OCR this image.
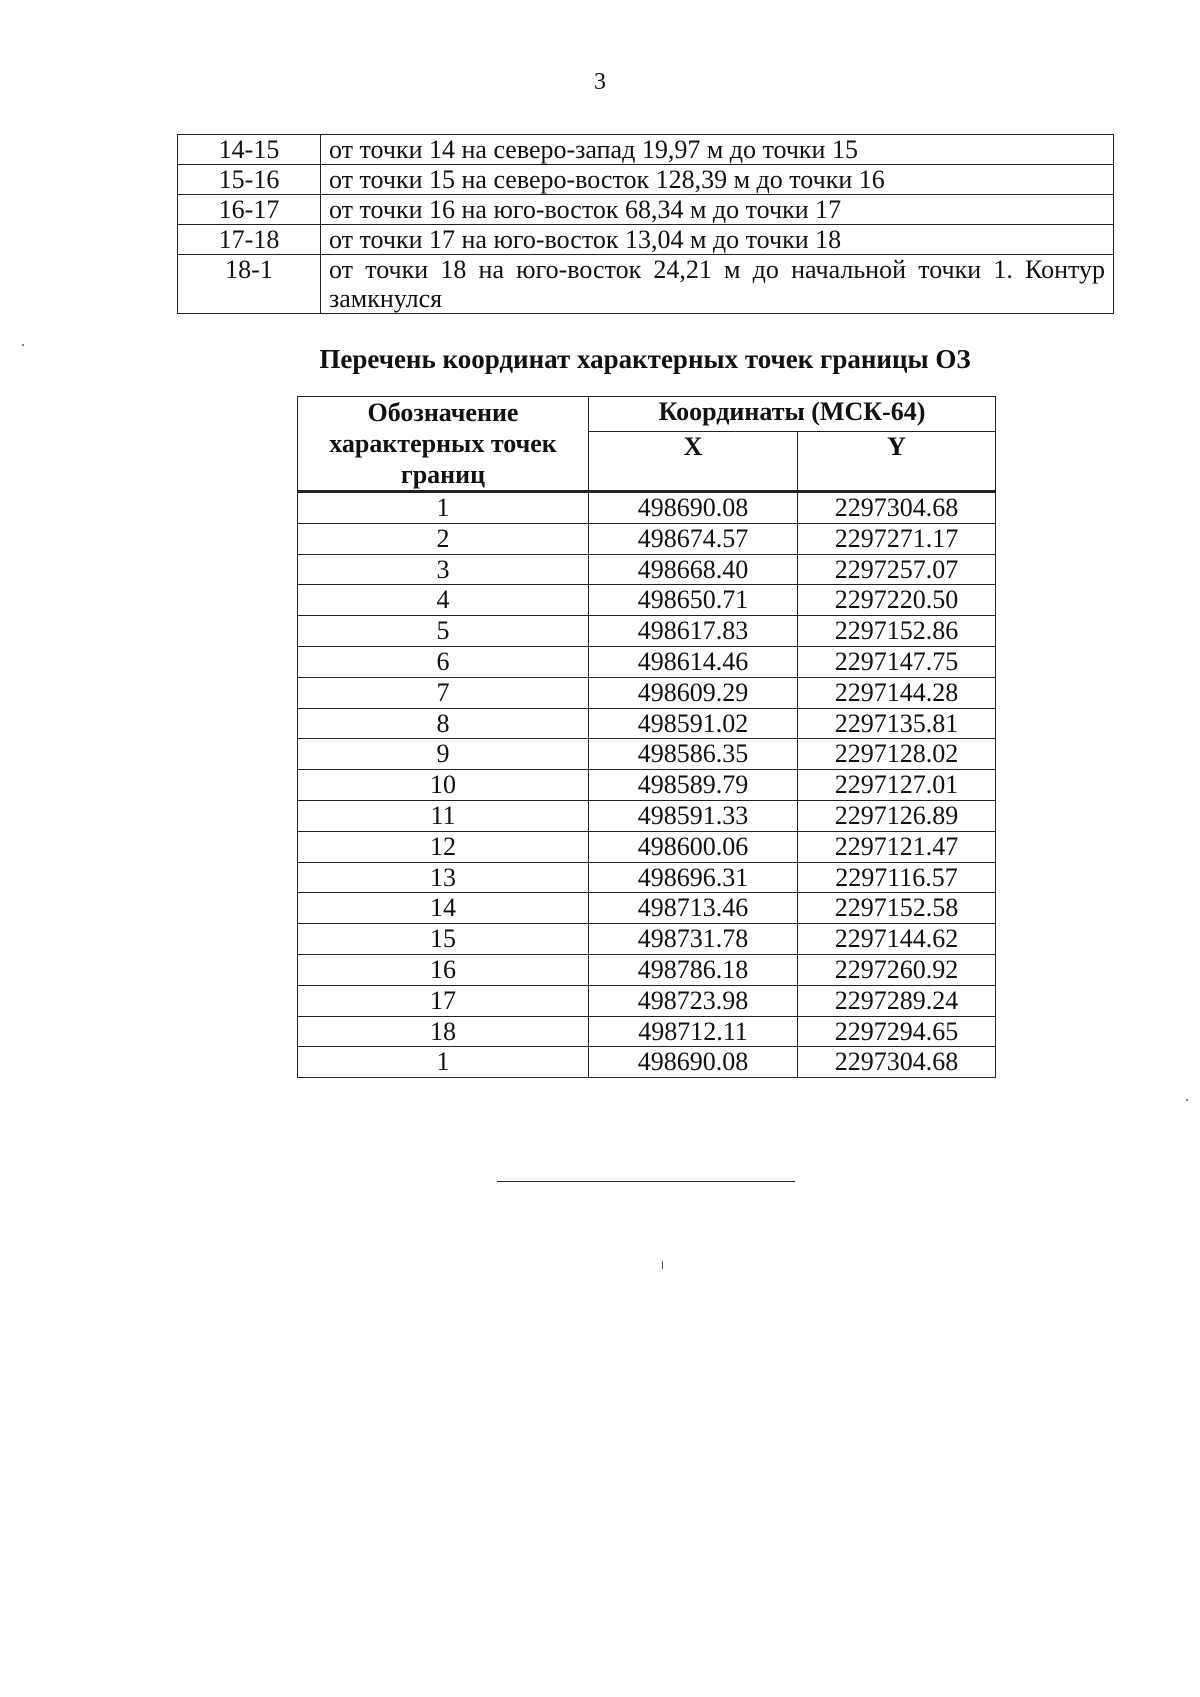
3
14-15	от точки 14 на северо-запад 19,97 м до точки 15
15-16	от точки 15 на северо-восток 128,39 м до точки 16
16-17	от точки 16 на юго-восток 68,34 м до точки 17
17-18	от точки 17 на юго-восток 13,04 м до точки 18
18-1	от точки 18 на юго-восток 24,21 м до начальной точки 1. Контур замкнулся
Перечень координат характерных точек границы ОЗ
Обозначение характерных точек границ	Координаты (МСК-64)	
	X	Y
1	498690.08	2297304.68
2	498674.57	2297271.17
3	498668.40	2297257.07
4	498650.71	2297220.50
5	498617.83	2297152.86
6	498614.46	2297147.75
7	498609.29	2297144.28
8	498591.02	2297135.81
9	498586.35	2297128.02
10	498589.79	2297127.01
11	498591.33	2297126.89
12	498600.06	2297121.47
13	498696.31	2297116.57
14	498713.46	2297152.58
15	498731.78	2297144.62
16	498786.18	2297260.92
17	498723.98	2297289.24
18	498712.11	2297294.65
1	498690.08	2297304.68
